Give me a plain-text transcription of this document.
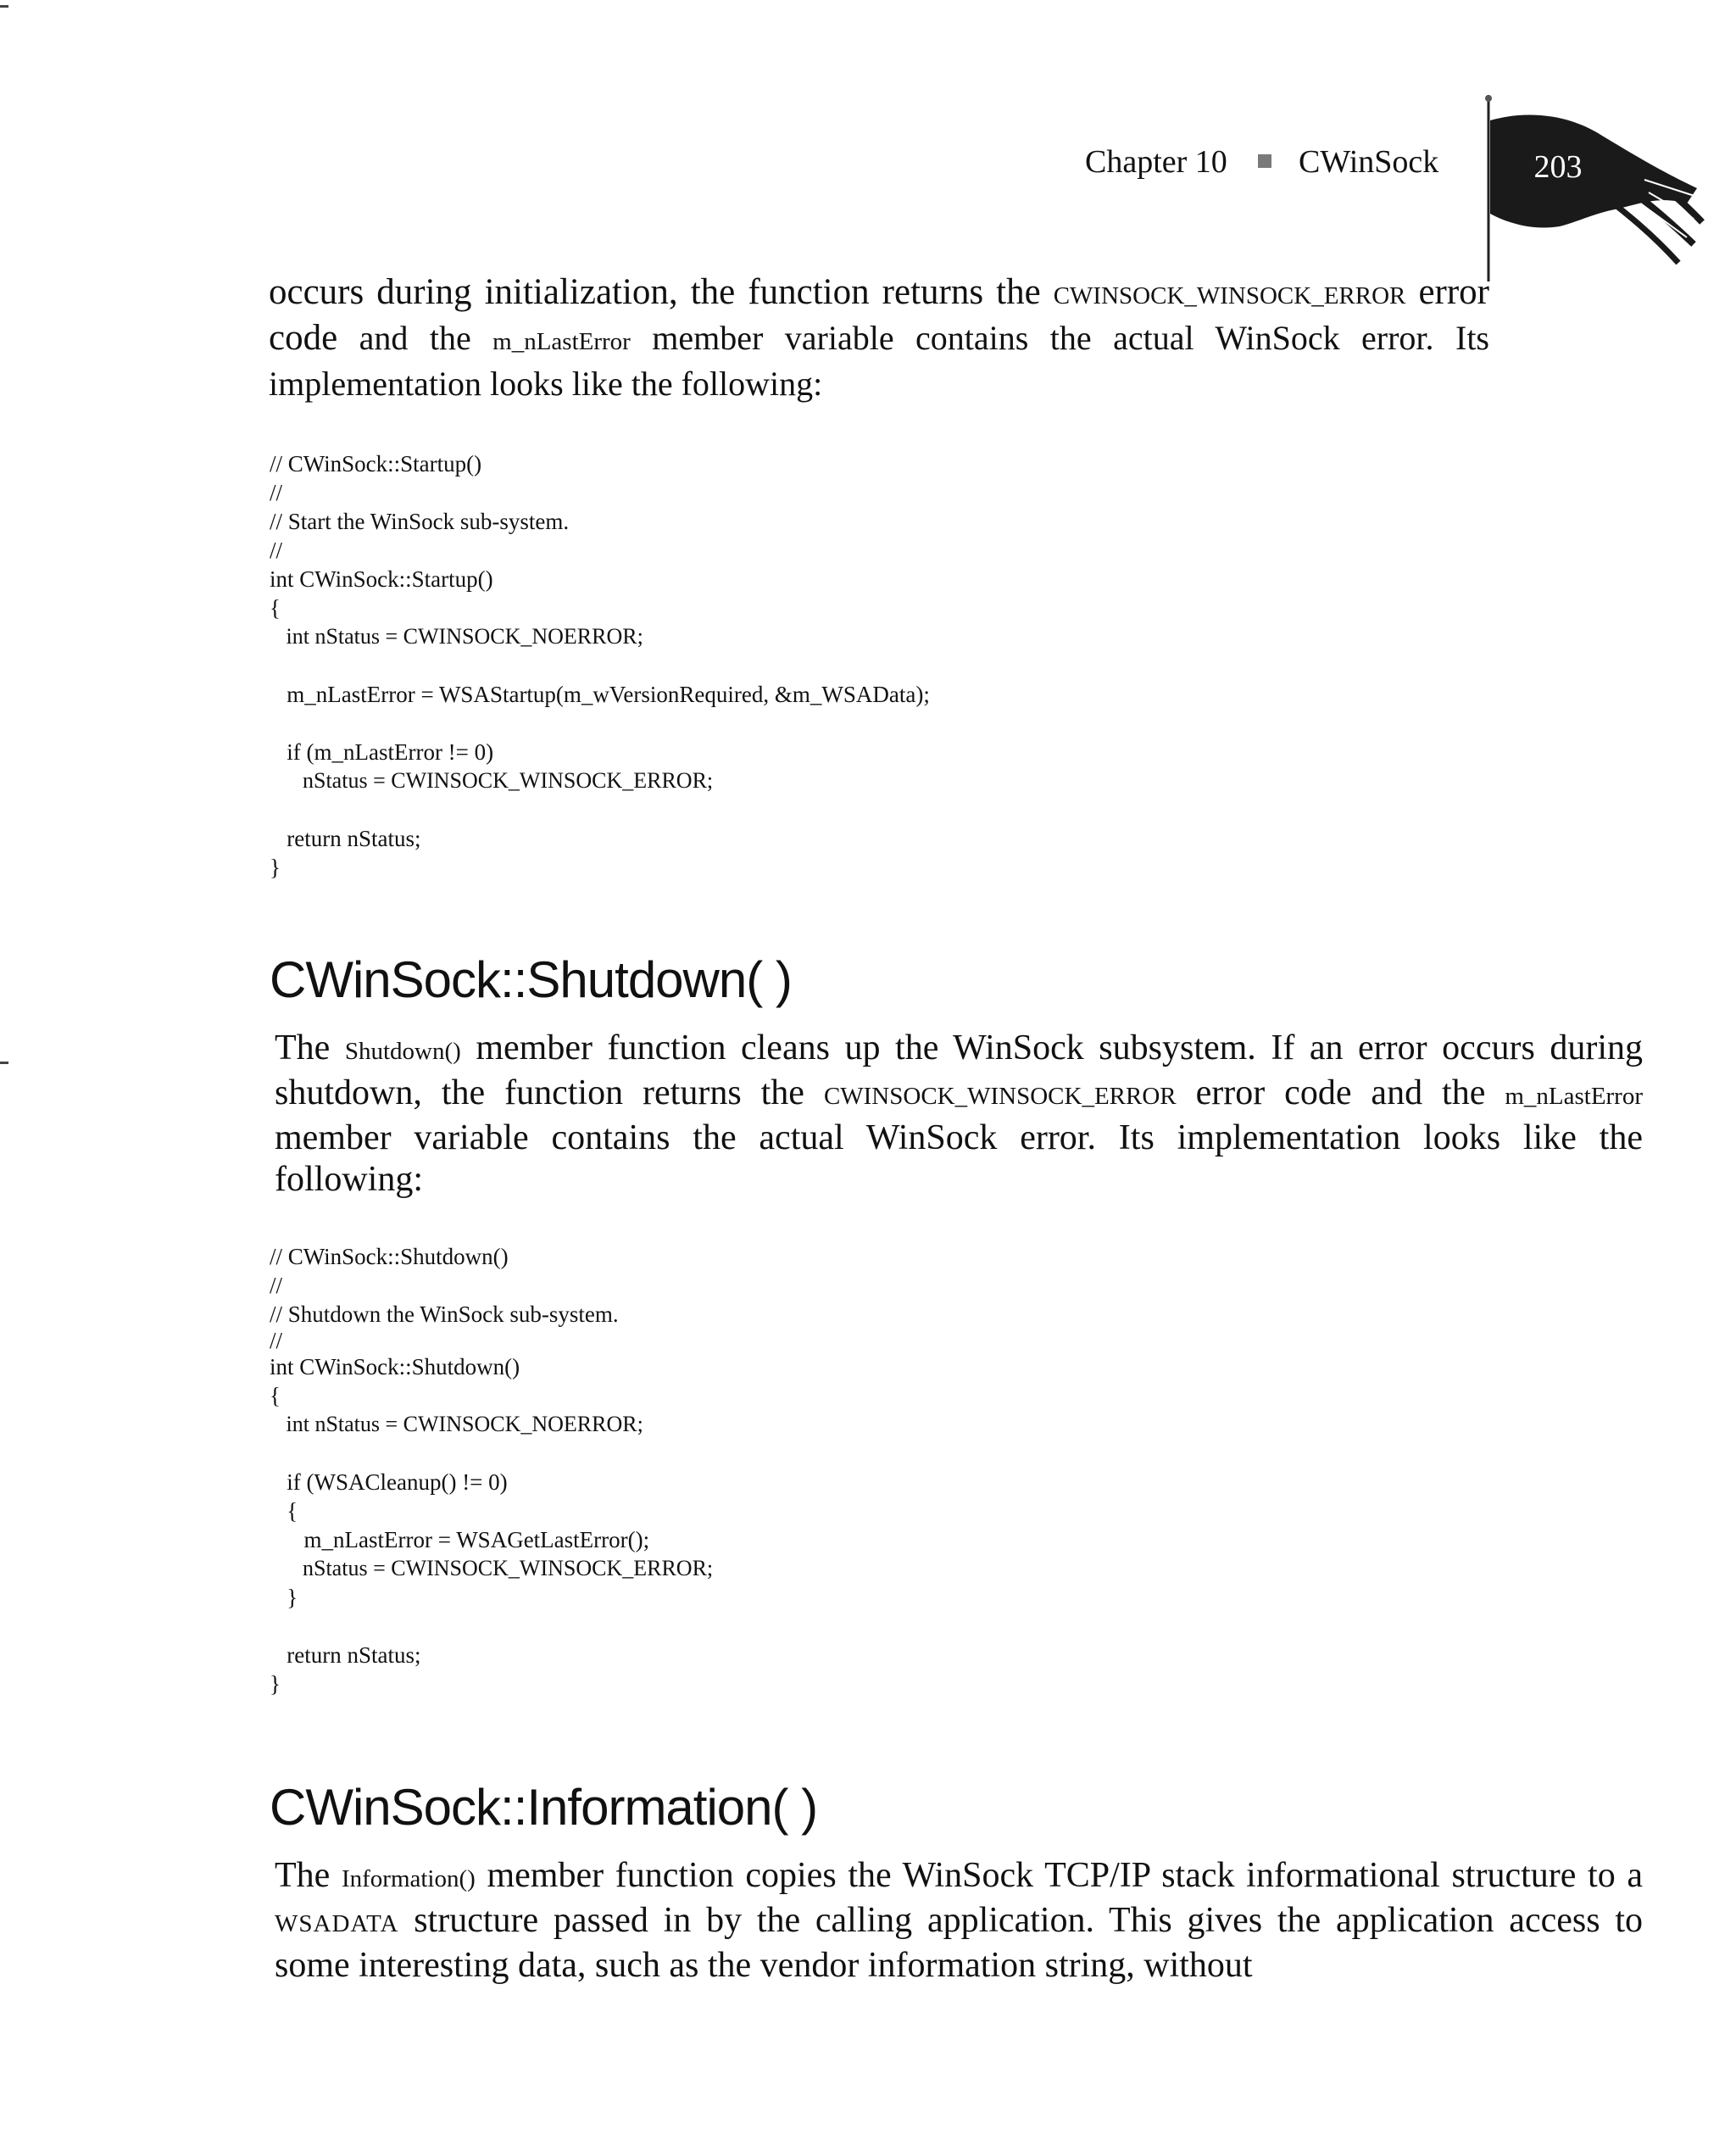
Chapter 10 CWinSock	203

occurs during initialization, the function returns the CWINSOCK_WINSOCK_ERROR error code and the m_nLastError member variable contains the actual WinSock error. Its implementation looks like the following:

// CWinSock::Startup()
//
// Start the WinSock sub-system.
//
int CWinSock::Startup()
{
int nStatus = CWINSOCK_NOERROR;
m_nLastError = WSAStartup(m_wVersionRequired, &m_WSAData);
if (m_nLastError != 0)
nStatus = CWINSOCK_WINSOCK_ERROR;
return nStatus;
}
CWinSock::Shutdown( )

The Shutdown() member function cleans up the WinSock subsystem. If an error occurs during shutdown, the function returns the CWINSOCK_WINSOCK_ERROR error code and the m_nLastError member variable contains the actual WinSock error. Its implementation looks like the following:

// CWinSock::Shutdown()
//
// Shutdown the WinSock sub-system.
//
int CWinSock::Shutdown()
{
int nStatus = CWINSOCK_NOERROR;
if (WSACleanup() != 0)
{
m_nLastError = WSAGetLastError();
nStatus = CWINSOCK_WINSOCK_ERROR;
}
return nStatus;
}
CWinSock::Information( )

The Information() member function copies the WinSock TCP/IP stack informational structure to a WSADATA structure passed in by the calling application. This gives the application access to some interesting data, such as the vendor information string, without
